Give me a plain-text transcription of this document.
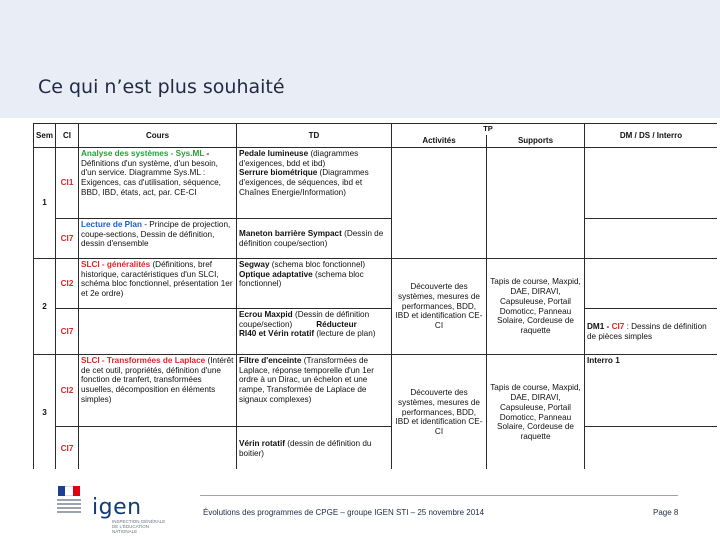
Ce qui n’est plus souhaité
Sem	CI	Cours	TD	TP		DM / DS / Interro
				Activités	Supports	
1	CI1	Analyse des systèmes - Sys.ML - Définitions d'un système, d'un besoin, d'un service. Diagramme Sys.ML : Exigences, cas d'utilisation, séquence, BBD, IBD, états, act, par. CE-CI	Pedale lumineuse (diagrammes d'exigences, bdd et ibd)
Serrure biométrique (Diagrammes d'exigences, de séquences, ibd et Chaînes Energie/Information)			
	CI7	Lecture de Plan - Principe de projection, coupe-sections, Dessin de définition, dessin d'ensemble	Maneton barrière Sympact (Dessin de définition coupe/section)			
2	CI2	SLCI - généralités (Définitions, bref historique, caractéristiques d'un SLCI, schéma bloc fonctionnel, présentation 1er et 2e ordre)	Segway (schema bloc fonctionnel)
Optique adaptative (schema bloc fonctionnel)	Découverte des systèmes, mesures de performances, BDD, IBD et identification CE-CI	Tapis de course, Maxpid, DAE, DIRAVI, Capsuleuse, Portail Domoticc, Panneau Solaire, Cordeuse de raquette	
	CI7		Ecrou Maxpid (Dessin de définition coupe/section) Réducteur
RI40 et Vérin rotatif (lecture de plan)			DM1 - CI7 : Dessins de définition de pièces simples
3	CI2	SLCI - Transformées de Laplace (Intérêt de cet outil, propriétés, définition d'une fonction de tranfert, transformées usuelles, décomposition en éléments simples)	Filtre d'enceinte (Transformées de Laplace, réponse temporelle d'un 1er ordre à un Dirac, un échelon et une rampe, Transformée de Laplace de signaux complexes)	Découverte des systèmes, mesures de performances, BDD, IBD et identification CE-CI	Tapis de course, Maxpid, DAE, DIRAVI, Capsuleuse, Portail Domoticc, Panneau Solaire, Cordeuse de raquette	Interro 1
	CI7		Vérin rotatif (dessin de définition du boitier)			
igen
INSPECTION GÉNÉRALE DE L'ÉDUCATION NATIONALE
Évolutions des programmes de CPGE – groupe IGEN STI – 25 novembre 2014	Page 8
